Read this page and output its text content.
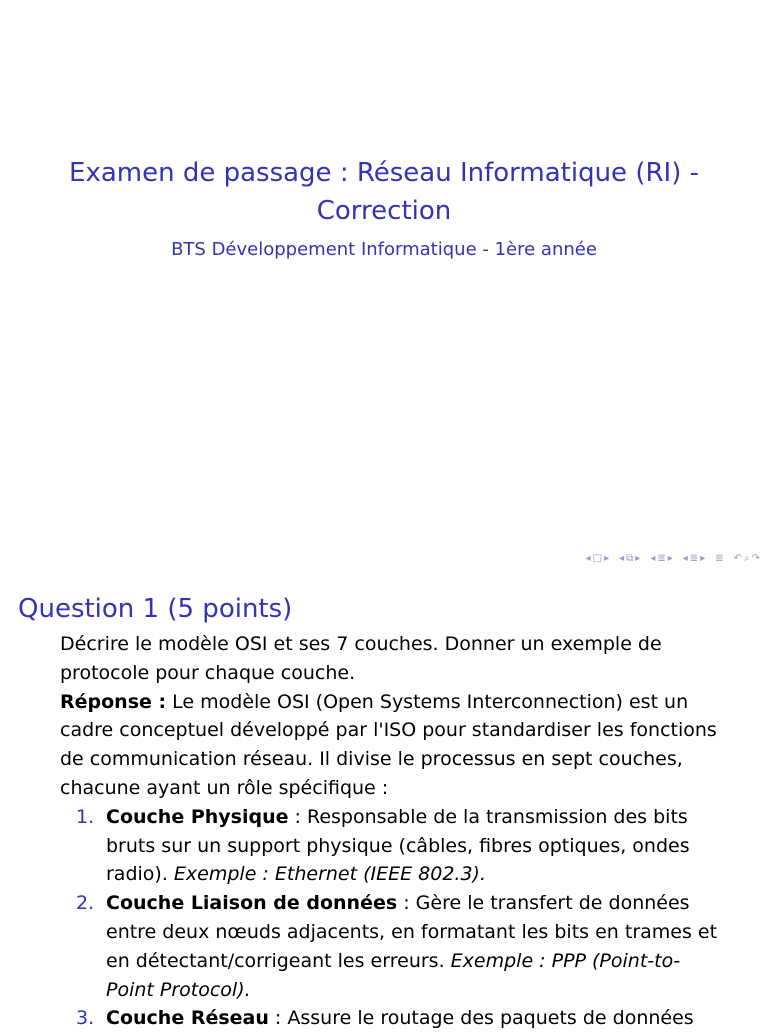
Examen de passage : Réseau Informatique (RI) - Correction
BTS Développement Informatique - 1ère année
◂ □ ▸ ◂ ⧉ ▸ ◂ ≣ ▸ ◂ ≣ ▸ ≣ ↶ ⌕ ↷
Question 1 (5 points)

Décrire le modèle OSI et ses 7 couches. Donner un exemple de protocole pour chaque couche.

Réponse : Le modèle OSI (Open Systems Interconnection) est un cadre conceptuel développé par l'ISO pour standardiser les fonctions de communication réseau. Il divise le processus en sept couches, chacune ayant un rôle spécifique :

1. Couche Physique : Responsable de la transmission des bits bruts sur un support physique (câbles, fibres optiques, ondes radio). Exemple : Ethernet (IEEE 802.3).
2. Couche Liaison de données : Gère le transfert de données entre deux nœuds adjacents, en formatant les bits en trames et en détectant/corrigeant les erreurs. Exemple : PPP (Point-to-Point Protocol).
3. Couche Réseau : Assure le routage des paquets de données
